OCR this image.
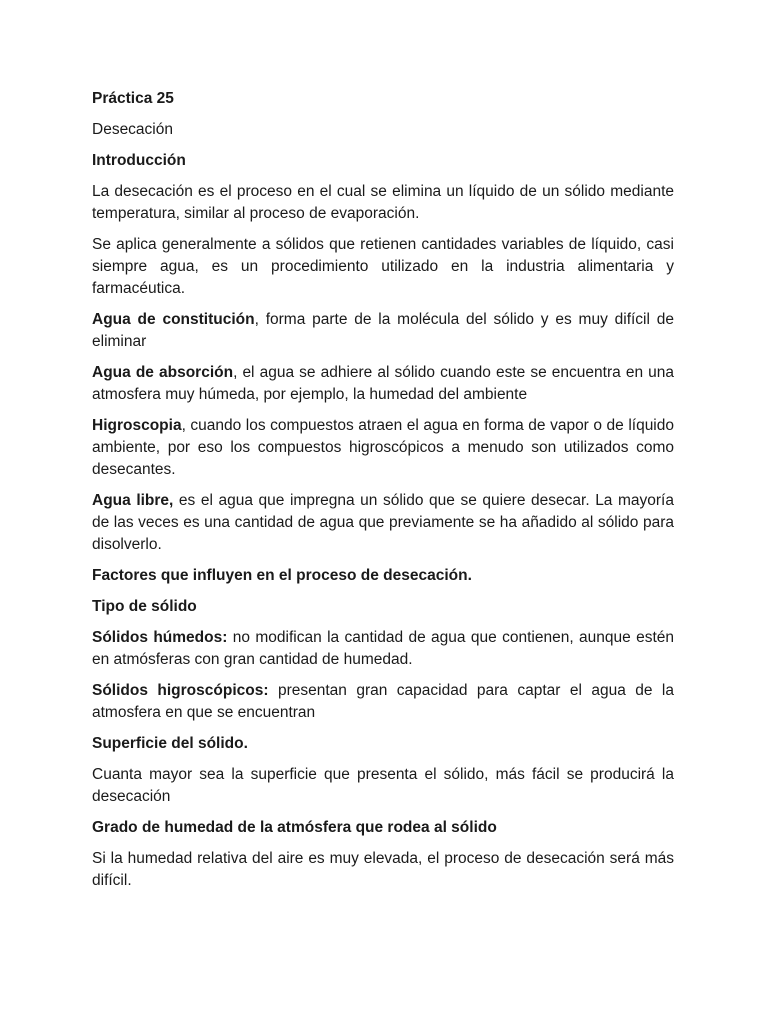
Práctica 25

Desecación

Introducción

La desecación es el proceso en el cual se elimina un líquido de un sólido mediante temperatura, similar al proceso de evaporación.

Se aplica generalmente a sólidos que retienen cantidades variables de líquido, casi siempre agua, es un procedimiento utilizado en la industria alimentaria y farmacéutica.

Agua de constitución, forma parte de la molécula del sólido y es muy difícil de eliminar

Agua de absorción, el agua se adhiere al sólido cuando este se encuentra en una atmosfera muy húmeda, por ejemplo, la humedad del ambiente

Higroscopia, cuando los compuestos atraen el agua en forma de vapor o de líquido ambiente, por eso los compuestos higroscópicos a menudo son utilizados como desecantes.

Agua libre, es el agua que impregna un sólido que se quiere desecar. La mayoría de las veces es una cantidad de agua que previamente se ha añadido al sólido para disolverlo.

Factores que influyen en el proceso de desecación.

Tipo de sólido

Sólidos húmedos: no modifican la cantidad de agua que contienen, aunque estén en atmósferas con gran cantidad de humedad.

Sólidos higroscópicos: presentan gran capacidad para captar el agua de la atmosfera en que se encuentran

Superficie del sólido.

Cuanta mayor sea la superficie que presenta el sólido, más fácil se producirá la desecación

Grado de humedad de la atmósfera que rodea al sólido

Si la humedad relativa del aire es muy elevada, el proceso de desecación será más difícil.
